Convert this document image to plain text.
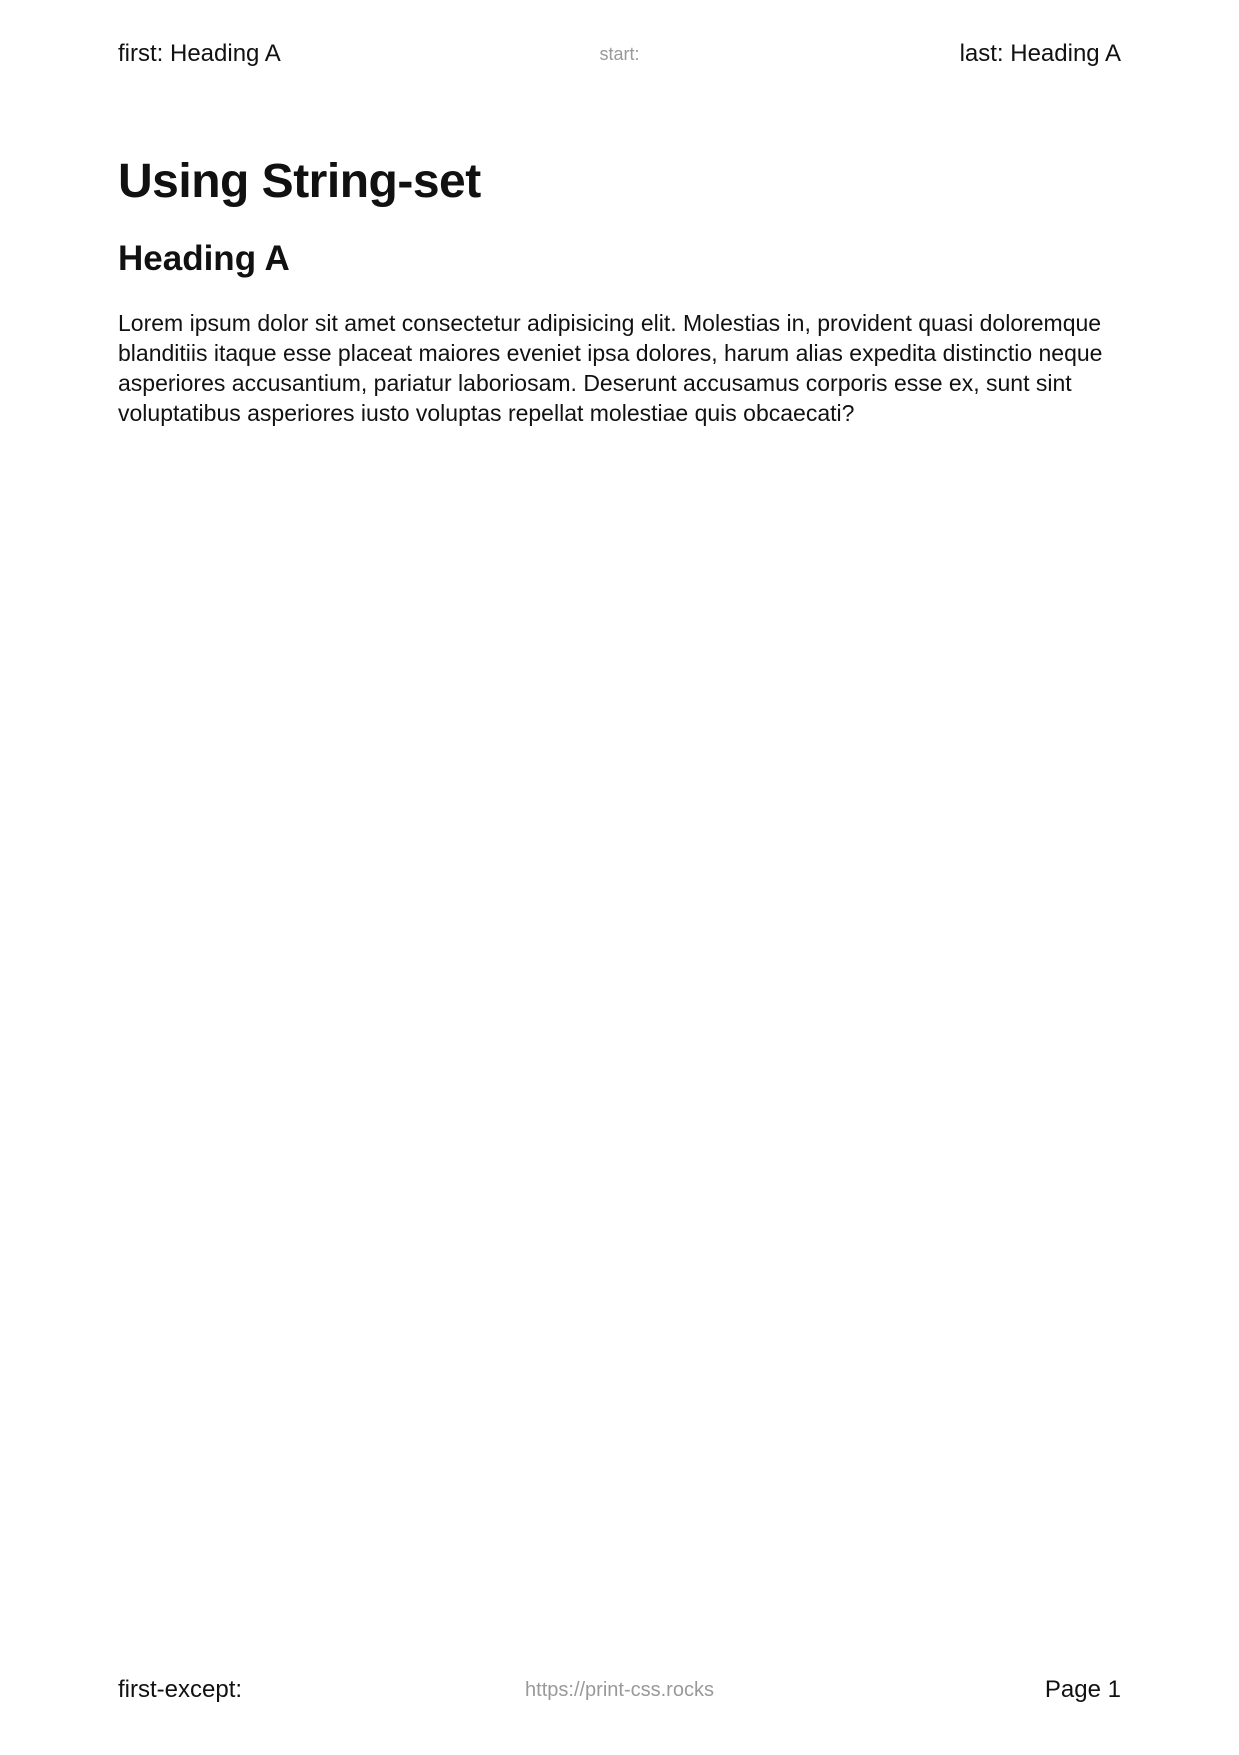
first: Heading A	start:	last: Heading A
Using String-set
Heading A

Lorem ipsum dolor sit amet consectetur adipisicing elit. Molestias in, provident quasi doloremque blanditiis itaque esse placeat maiores eveniet ipsa dolores, harum alias expedita distinctio neque asperiores accusantium, pariatur laboriosam. Deserunt accusamus corporis esse ex, sunt sint voluptatibus asperiores iusto voluptas repellat molestiae quis obcaecati?

first-except:	https://print-css.rocks	Page 1
